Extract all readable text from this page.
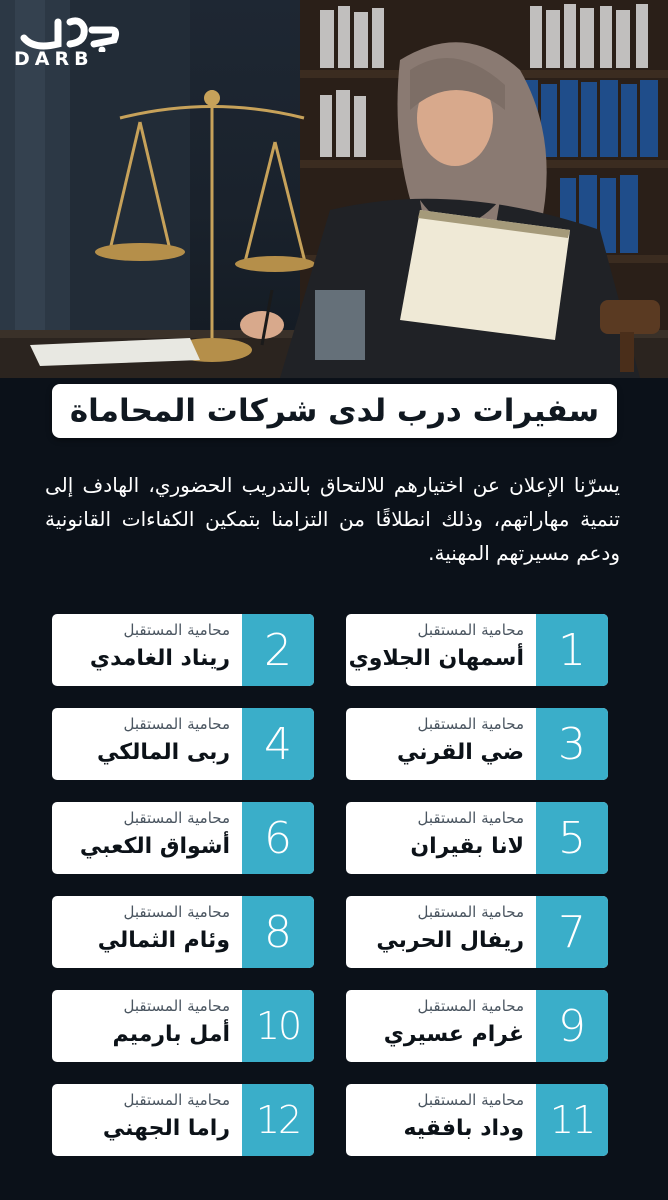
DARB
سفيرات درب لدى شركات المحاماة
يسرّنا الإعلان عن اختيارهم للالتحاق بالتدريب الحضوري، الهادف إلى تنمية مهاراتهم، وذلك انطلاقًا من التزامنا بتمكين الكفاءات القانونية ودعم مسيرتهم المهنية.
1
محامية المستقبل
أسمهان الجلاوي
2
محامية المستقبل
ريناد الغامدي
3
محامية المستقبل
ضي القرني
4
محامية المستقبل
ربى المالكي
5
محامية المستقبل
لانا بقيران
6
محامية المستقبل
أشواق الكعبي
7
محامية المستقبل
ريفال الحربي
8
محامية المستقبل
وئام الثمالي
9
محامية المستقبل
غرام عسيري
10
محامية المستقبل
أمل بارميم
11
محامية المستقبل
وداد بافقيه
12
محامية المستقبل
راما الجهني
